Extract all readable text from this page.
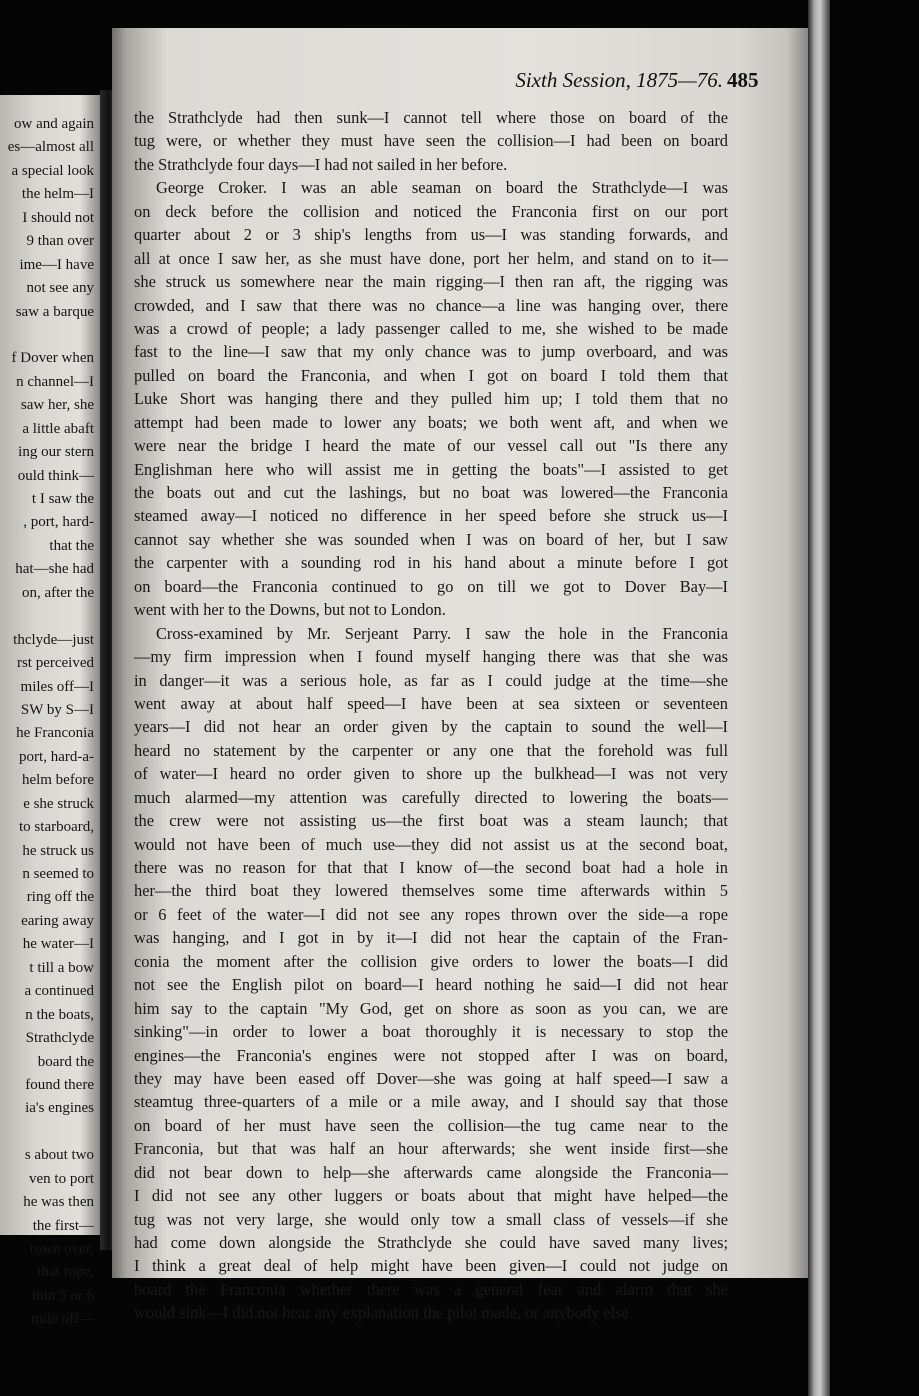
ow and again
es—almost all
a special look
the helm—I
I should not
9 than over
ime—I have
not see any
saw a barque
f Dover when
n channel—I
saw her, she
a little abaft
ing our stern
ould think—
t I saw the
, port, hard-
that the
hat—she had
on, after the
thclyde—just
rst perceived
miles off—I
SW by S—I
he Franconia
port, hard-a-
helm before
e she struck
to starboard,
he struck us
n seemed to
ring off the
earing away
he water—I
t till a bow
a continued
n the boats,
Strathclyde
board the
found there
ia's engines
s about two
ven to port
he was then
the first—
rown over,
that rope,
thin 5 or 6
mile off—
Sixth Session, 1875—76. 485
the Strathclyde had then sunk—I cannot tell where those on board of the
tug were, or whether they must have seen the collision—I had been on board
the Strathclyde four days—I had not sailed in her before.
George Croker. I was an able seaman on board the Strathclyde—I was
on deck before the collision and noticed the Franconia first on our port
quarter about 2 or 3 ship's lengths from us—I was standing forwards, and
all at once I saw her, as she must have done, port her helm, and stand on to it—
she struck us somewhere near the main rigging—I then ran aft, the rigging was
crowded, and I saw that there was no chance—a line was hanging over, there
was a crowd of people; a lady passenger called to me, she wished to be made
fast to the line—I saw that my only chance was to jump overboard, and was
pulled on board the Franconia, and when I got on board I told them that
Luke Short was hanging there and they pulled him up; I told them that no
attempt had been made to lower any boats; we both went aft, and when we
were near the bridge I heard the mate of our vessel call out "Is there any
Englishman here who will assist me in getting the boats"—I assisted to get
the boats out and cut the lashings, but no boat was lowered—the Franconia
steamed away—I noticed no difference in her speed before she struck us—I
cannot say whether she was sounded when I was on board of her, but I saw
the carpenter with a sounding rod in his hand about a minute before I got
on board—the Franconia continued to go on till we got to Dover Bay—I
went with her to the Downs, but not to London.
Cross-examined by Mr. Serjeant Parry. I saw the hole in the Franconia
—my firm impression when I found myself hanging there was that she was
in danger—it was a serious hole, as far as I could judge at the time—she
went away at about half speed—I have been at sea sixteen or seventeen
years—I did not hear an order given by the captain to sound the well—I
heard no statement by the carpenter or any one that the forehold was full
of water—I heard no order given to shore up the bulkhead—I was not very
much alarmed—my attention was carefully directed to lowering the boats—
the crew were not assisting us—the first boat was a steam launch; that
would not have been of much use—they did not assist us at the second boat,
there was no reason for that that I know of—the second boat had a hole in
her—the third boat they lowered themselves some time afterwards within 5
or 6 feet of the water—I did not see any ropes thrown over the side—a rope
was hanging, and I got in by it—I did not hear the captain of the Fran-
conia the moment after the collision give orders to lower the boats—I did
not see the English pilot on board—I heard nothing he said—I did not hear
him say to the captain "My God, get on shore as soon as you can, we are
sinking"—in order to lower a boat thoroughly it is necessary to stop the
engines—the Franconia's engines were not stopped after I was on board,
they may have been eased off Dover—she was going at half speed—I saw a
steamtug three-quarters of a mile or a mile away, and I should say that those
on board of her must have seen the collision—the tug came near to the
Franconia, but that was half an hour afterwards; she went inside first—she
did not bear down to help—she afterwards came alongside the Franconia—
I did not see any other luggers or boats about that might have helped—the
tug was not very large, she would only tow a small class of vessels—if she
had come down alongside the Strathclyde she could have saved many lives;
I think a great deal of help might have been given—I could not judge on
board the Franconia whether there was a general fear and alarm that she
would sink—I did not hear any explanation the pilot made, or anybody else
